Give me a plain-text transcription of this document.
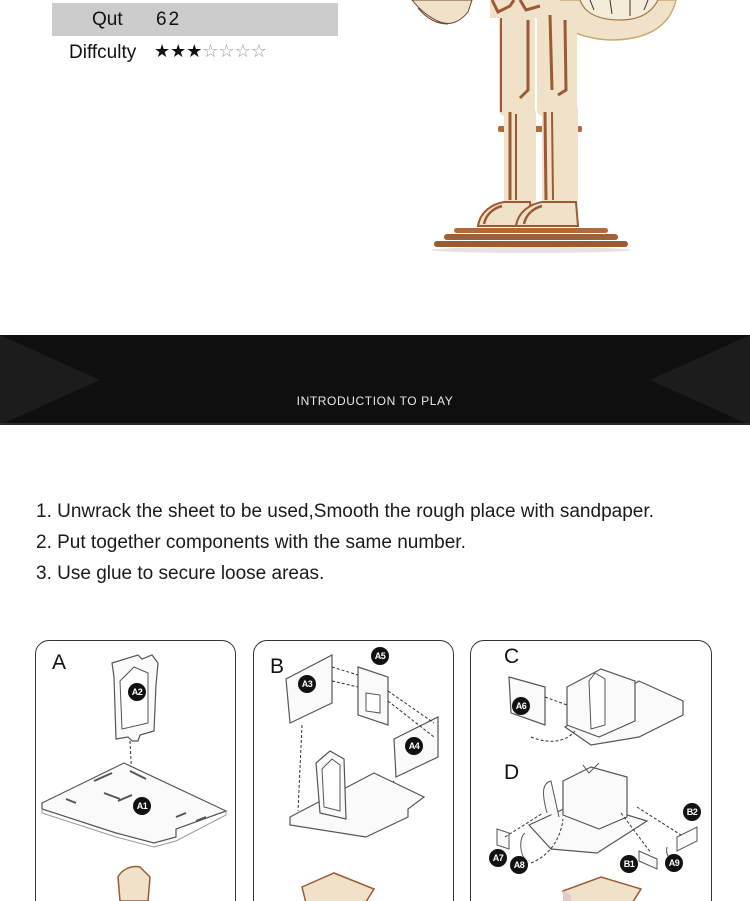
Qut 62
Diffculty ★★★☆☆☆☆
INTRODUCTION TO PLAY
1. Unwrack the sheet to be used,Smooth the rough place with sandpaper.
2. Put together components with the same number.
3. Use glue to secure loose areas.
A
A2
A1
B	A5
A3
A4
C
D
A6
B2
A7
A8	B1	A9
